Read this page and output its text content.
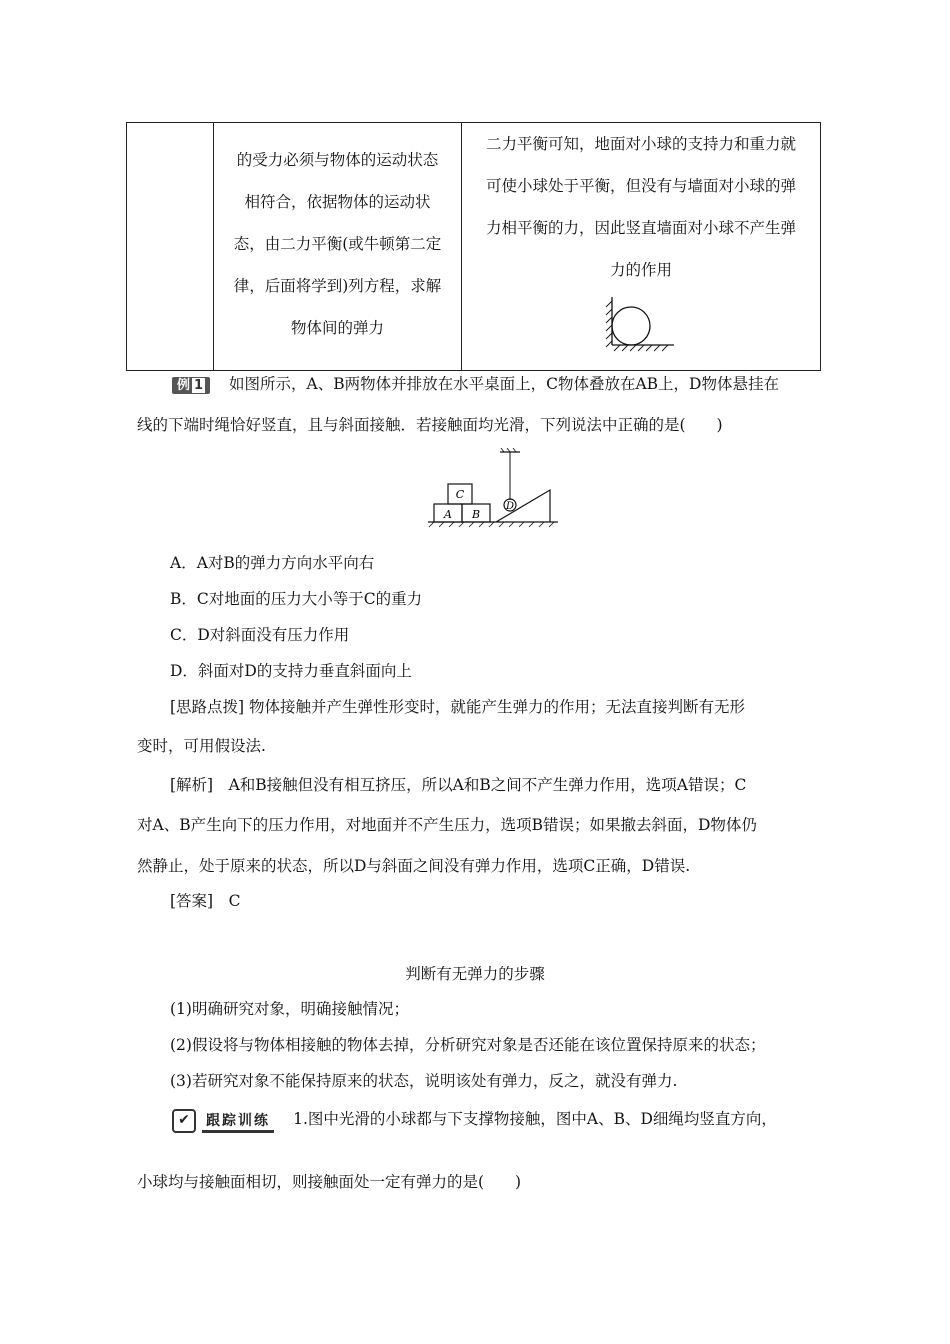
的受力必须与物体的运动状态

相符合，依据物体的运动状

态，由二力平衡(或牛顿第二定

律，后面将学到)列方程，求解

物体间的弹力

二力平衡可知，地面对小球的支持力和重力就

可使小球处于平衡，但没有与墙面对小球的弹

力相平衡的力，因此竖直墙面对小球不产生弹

力的作用

例 1 如图所示，A、B两物体并排放在水平桌面上，C物体叠放在AB上，D物体悬挂在
线的下端时绳恰好竖直，且与斜面接触．若接触面均光滑，下列说法中正确的是(　　)
A B
C
D
A．A对B的弹力方向水平向右
B．C对地面的压力大小等于C的重力
C．D对斜面没有压力作用
D．斜面对D的支持力垂直斜面向上
[思路点拨] 物体接触并产生弹性形变时，就能产生弹力的作用；无法直接判断有无形
变时，可用假设法.
[解析]　A和B接触但没有相互挤压，所以A和B之间不产生弹力作用，选项A错误；C
对A、B产生向下的压力作用，对地面并不产生压力，选项B错误；如果撤去斜面，D物体仍
然静止，处于原来的状态，所以D与斜面之间没有弹力作用，选项C正确，D错误.
[答案]　C
判断有无弹力的步骤
(1)明确研究对象，明确接触情况；
(2)假设将与物体相接触的物体去掉，分析研究对象是否还能在该位置保持原来的状态；
(3)若研究对象不能保持原来的状态，说明该处有弹力，反之，就没有弹力.
✔	跟踪训练 1.图中光滑的小球都与下支撑物接触，图中A、B、D细绳均竖直方向，
小球均与接触面相切，则接触面处一定有弹力的是(　　)
